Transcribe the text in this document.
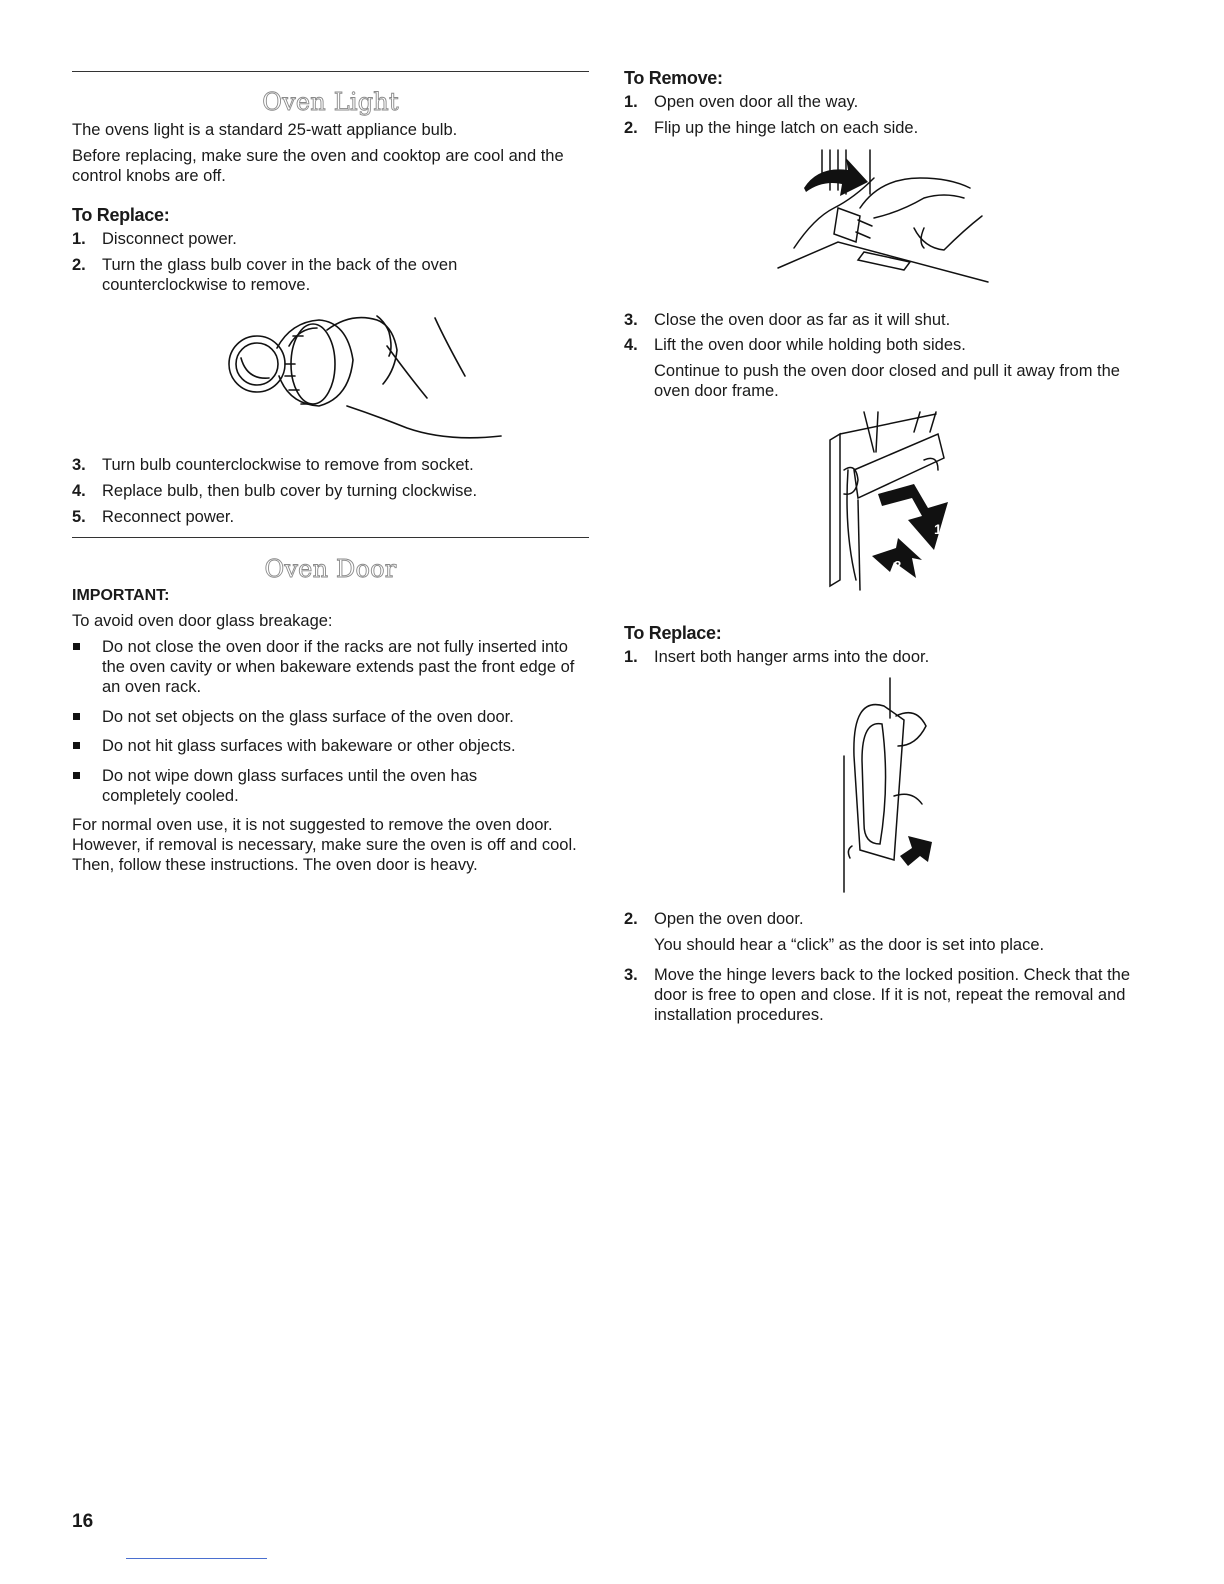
Oven Light

The ovens light is a standard 25-watt appliance bulb.

Before replacing, make sure the oven and cooktop are cool and the control knobs are off.

To Replace:

1. Disconnect power.
2. Turn the glass bulb cover in the back of the oven counterclockwise to remove.
3. Turn bulb counterclockwise to remove from socket.
4. Replace bulb, then bulb cover by turning clockwise.
5. Reconnect power.
Oven Door

IMPORTANT:

To avoid oven door glass breakage:

Do not close the oven door if the racks are not fully inserted into the oven cavity or when bakeware extends past the front edge of an oven rack.
Do not set objects on the glass surface of the oven door.
Do not hit glass surfaces with bakeware or other objects.
Do not wipe down glass surfaces until the oven has completely cooled.

For normal oven use, it is not suggested to remove the oven door. However, if removal is necessary, make sure the oven is off and cool. Then, follow these instructions. The oven door is heavy.

To Remove:

1. Open oven door all the way.
2. Flip up the hinge latch on each side.
3. Close the oven door as far as it will shut.
4. Lift the oven door while holding both sides.

Continue to push the oven door closed and pull it away from the oven door frame.

1
2

To Replace:

1. Insert both hanger arms into the door.
2. Open the oven door.

You should hear a “click” as the door is set into place.

3. Move the hinge levers back to the locked position. Check that the door is free to open and close. If it is not, repeat the removal and installation procedures.
16
